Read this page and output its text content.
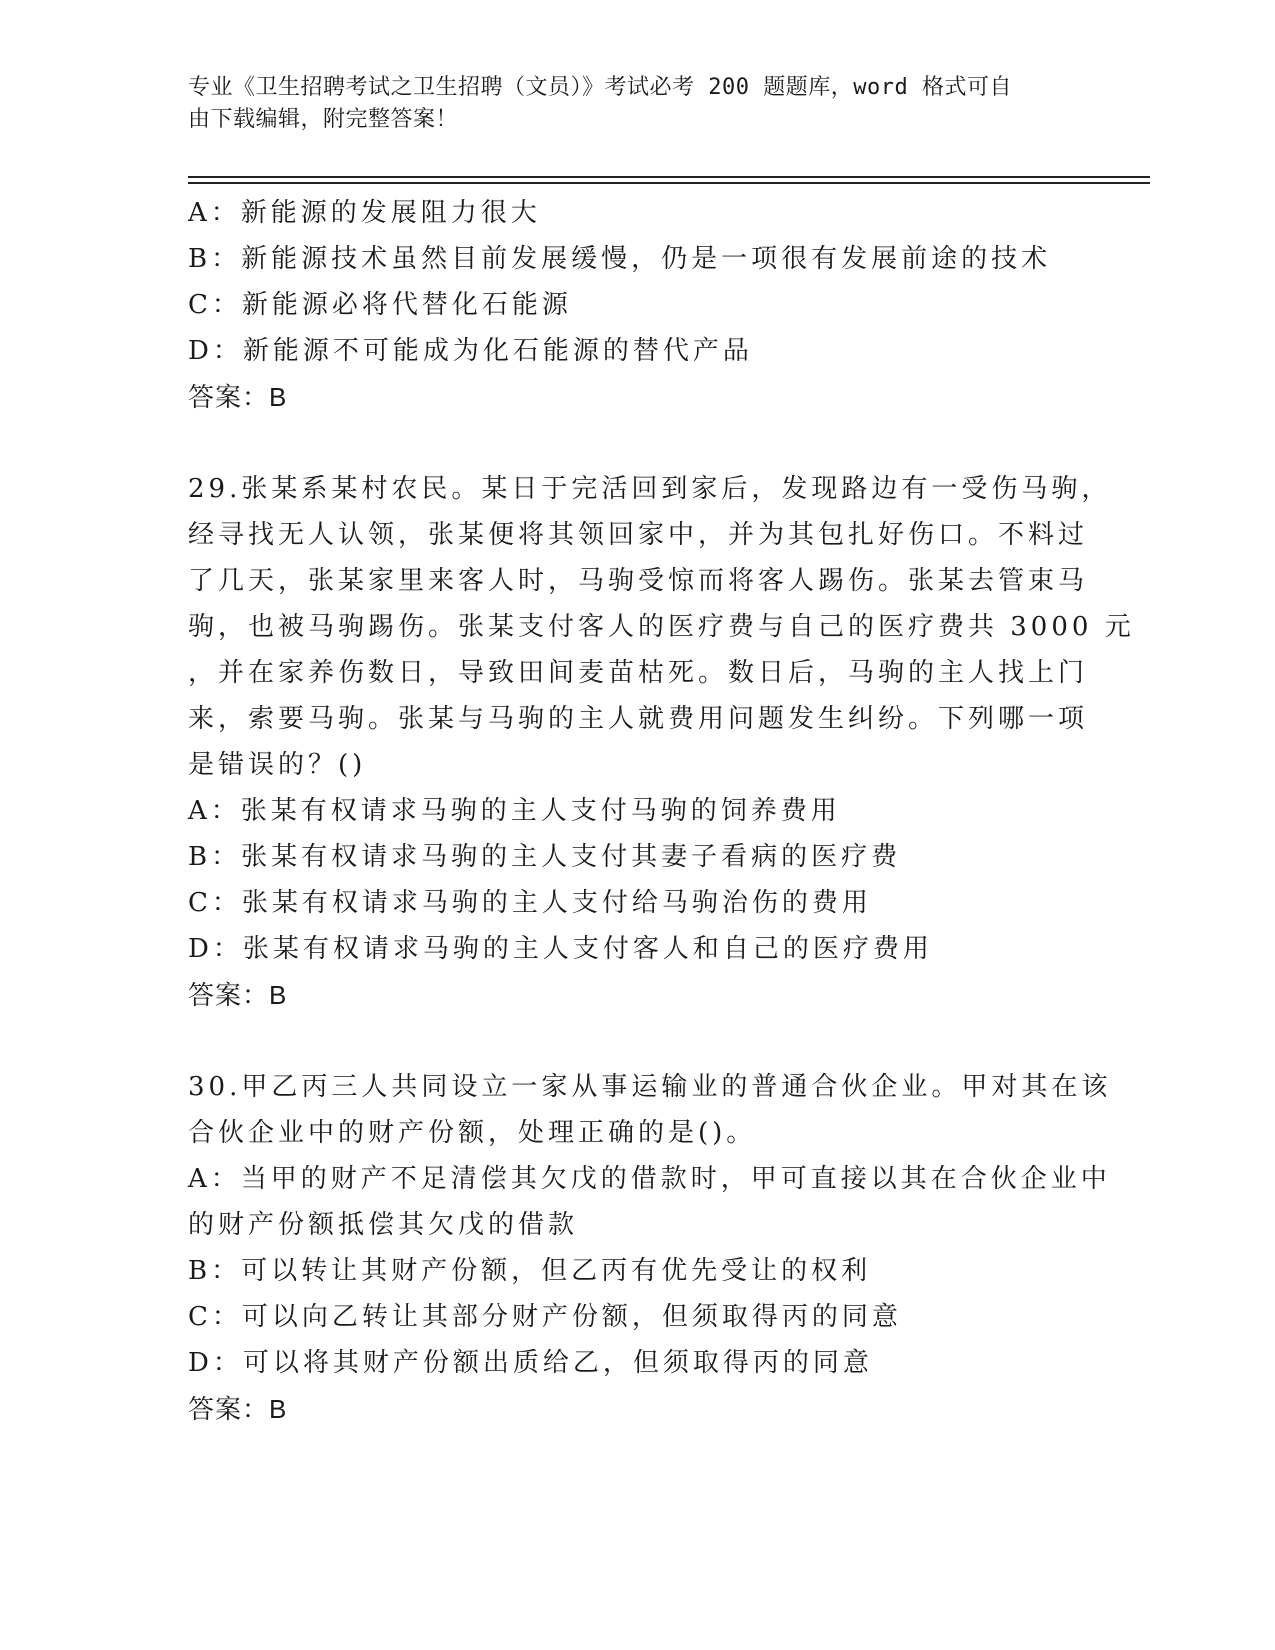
专业《卫生招聘考试之卫生招聘（文员）》考试必考 200 题题库，word 格式可自
由下载编辑，附完整答案！
A：新能源的发展阻力很大
B：新能源技术虽然目前发展缓慢，仍是一项很有发展前途的技术
C：新能源必将代替化石能源
D：新能源不可能成为化石能源的替代产品
答案：B
29.张某系某村农民。某日于完活回到家后，发现路边有一受伤马驹，
经寻找无人认领，张某便将其领回家中，并为其包扎好伤口。不料过
了几天，张某家里来客人时，马驹受惊而将客人踢伤。张某去管束马
驹，也被马驹踢伤。张某支付客人的医疗费与自己的医疗费共 3000 元
，并在家养伤数日，导致田间麦苗枯死。数日后，马驹的主人找上门
来，索要马驹。张某与马驹的主人就费用问题发生纠纷。下列哪一项
是错误的？()
A：张某有权请求马驹的主人支付马驹的饲养费用
B：张某有权请求马驹的主人支付其妻子看病的医疗费
C：张某有权请求马驹的主人支付给马驹治伤的费用
D：张某有权请求马驹的主人支付客人和自己的医疗费用
答案：B
30.甲乙丙三人共同设立一家从事运输业的普通合伙企业。甲对其在该
合伙企业中的财产份额，处理正确的是()。
A：当甲的财产不足清偿其欠戊的借款时，甲可直接以其在合伙企业中
的财产份额抵偿其欠戊的借款
B：可以转让其财产份额，但乙丙有优先受让的权利
C：可以向乙转让其部分财产份额，但须取得丙的同意
D：可以将其财产份额出质给乙，但须取得丙的同意
答案：B
